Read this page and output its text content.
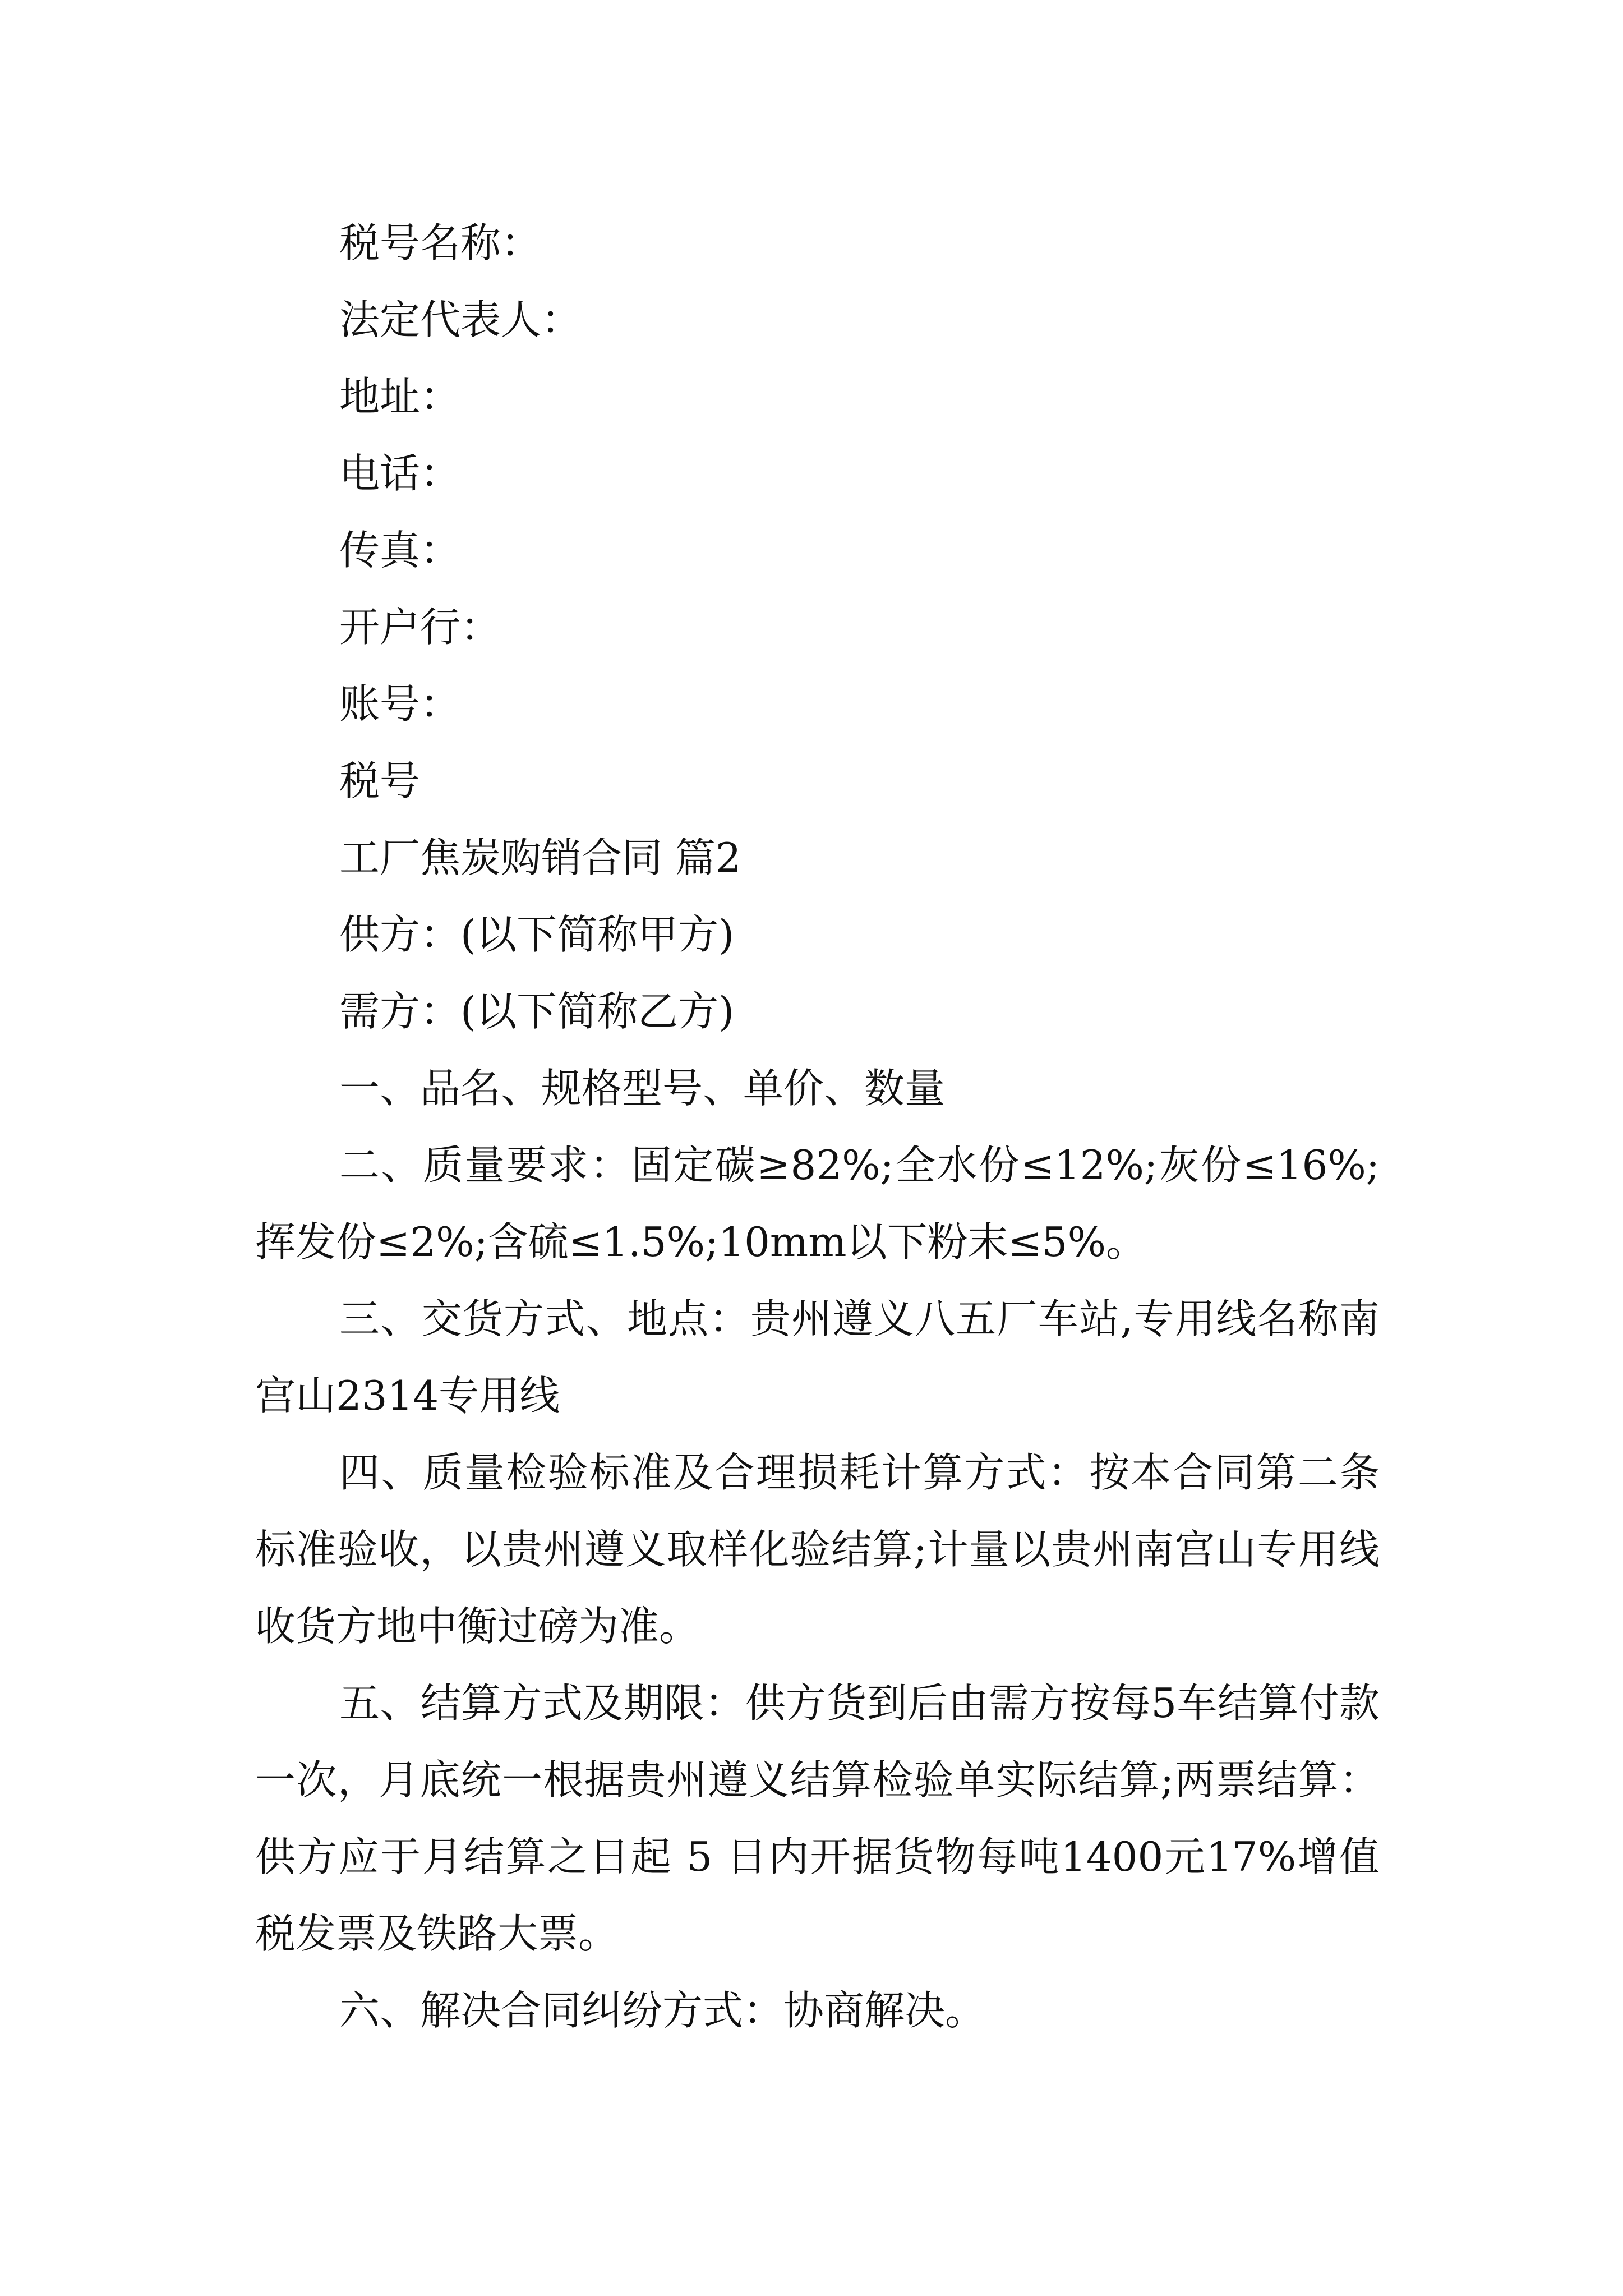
税号名称：
法定代表人：
地址：
电话：
传真：
开户行：
账号：
税号
工厂焦炭购销合同 篇2
供方：(以下简称甲方)
需方：(以下简称乙方)
一、品名、规格型号、单价、数量
二、质量要求：固定碳≥82%;全水份≤12%;灰份≤16%;挥发份≤2%;含硫≤1.5%;10mm以下粉末≤5%。
三、交货方式、地点：贵州遵义八五厂车站,专用线名称南宫山2314专用线
四、质量检验标准及合理损耗计算方式：按本合同第二条标准验收，以贵州遵义取样化验结算;计量以贵州南宫山专用线收货方地中衡过磅为准。
五、结算方式及期限：供方货到后由需方按每5车结算付款一次，月底统一根据贵州遵义结算检验单实际结算;两票结算：供方应于月结算之日起 5 日内开据货物每吨1400元17%增值税发票及铁路大票。
六、解决合同纠纷方式：协商解决。
